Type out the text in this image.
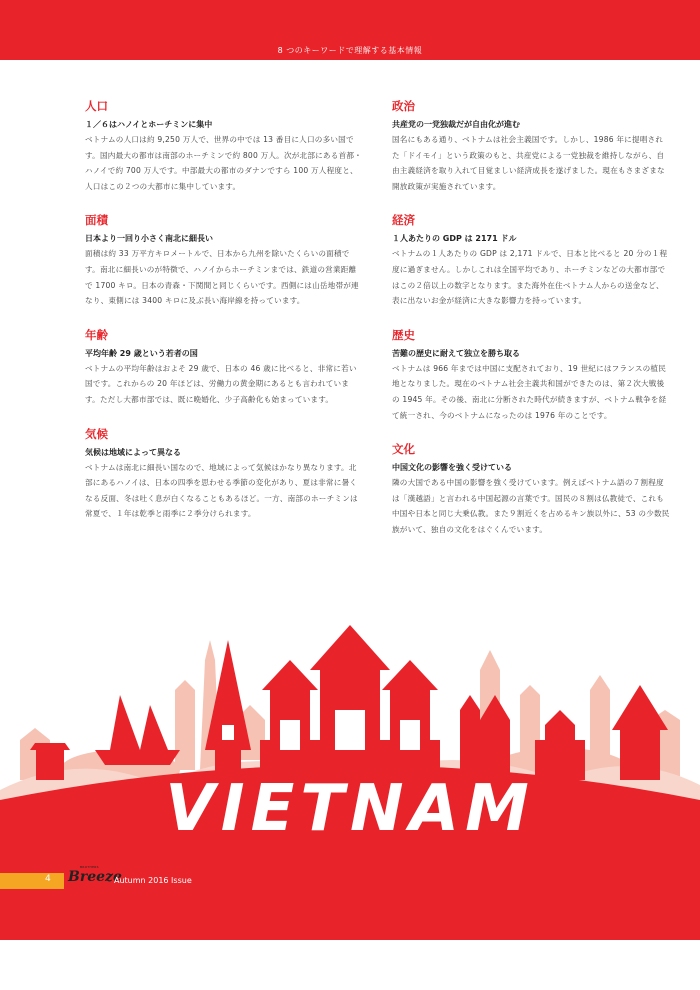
8 つのキーワードで理解する基本情報
人口
１／６はハノイとホーチミンに集中

ベトナムの人口は約 9,250 万人で、世界の中では 13 番目に人口の多い国です。国内最大の都市は南部のホーチミンで約 800 万人。次が北部にある首都・ハノイで約 700 万人です。中部最大の都市のダナンですら 100 万人程度と、人口はこの２つの大都市に集中しています。

面積
日本より一回り小さく南北に細長い

面積は約 33 万平方キロメートルで、日本から九州を除いたくらいの面積です。南北に細長いのが特徴で、ハノイからホーチミンまでは、鉄道の営業距離で 1700 キロ。日本の青森・下関間と同じくらいです。西側には山岳地帯が連なり、東側には 3400 キロに及ぶ長い海岸線を持っています。

年齢
平均年齢 29 歳という若者の国

ベトナムの平均年齢はおよそ 29 歳で、日本の 46 歳に比べると、非常に若い国です。これからの 20 年ほどは、労働力の黄金期にあるとも言われています。ただし大都市部では、既に晩婚化、少子高齢化も始まっています。

気候
気候は地域によって異なる

ベトナムは南北に細長い国なので、地域によって気候はかなり異なります。北部にあるハノイは、日本の四季を思わせる季節の変化があり、夏は非常に暑くなる反面、冬は吐く息が白くなることもあるほど。一方、南部のホーチミンは常夏で、１年は乾季と雨季に２季分けられます。

政治
共産党の一党独裁だが自由化が進む

国名にもある通り、ベトナムは社会主義国です。しかし、1986 年に提唱された「ドイモイ」という政策のもと、共産党による一党独裁を維持しながら、自由主義経済を取り入れて目覚ましい経済成長を遂げました。現在もさまざまな開放政策が実施されています。

経済
１人あたりの GDP は 2171 ドル

ベトナムの１人あたりの GDP は 2,171 ドルで、日本と比べると 20 分の１程度に過ぎません。しかしこれは全国平均であり、ホーチミンなどの大都市部ではこの２倍以上の数字となります。また海外在住ベトナム人からの送金など、表に出ないお金が経済に大きな影響力を持っています。

歴史
苦難の歴史に耐えて独立を勝ち取る

ベトナムは 966 年までは中国に支配されており、19 世紀にはフランスの植民地となりました。現在のベトナム社会主義共和国ができたのは、第２次大戦後の 1945 年。その後、南北に分断された時代が続きますが、ベトナム戦争を経て統一され、今のベトナムになったのは 1976 年のことです。

文化
中国文化の影響を強く受けている

隣の大国である中国の影響を強く受けています。例えばベトナム語の７割程度は「漢越語」と言われる中国起源の言葉です。国民の８割は仏教徒で、これも中国や日本と同じ大乗仏教。また９割近くを占めるキン族以外に、53 の少数民族がいて、独自の文化をはぐくんでいます。

VIETNAM
4
BROTHERS
Breeze
Autumn 2016 Issue
